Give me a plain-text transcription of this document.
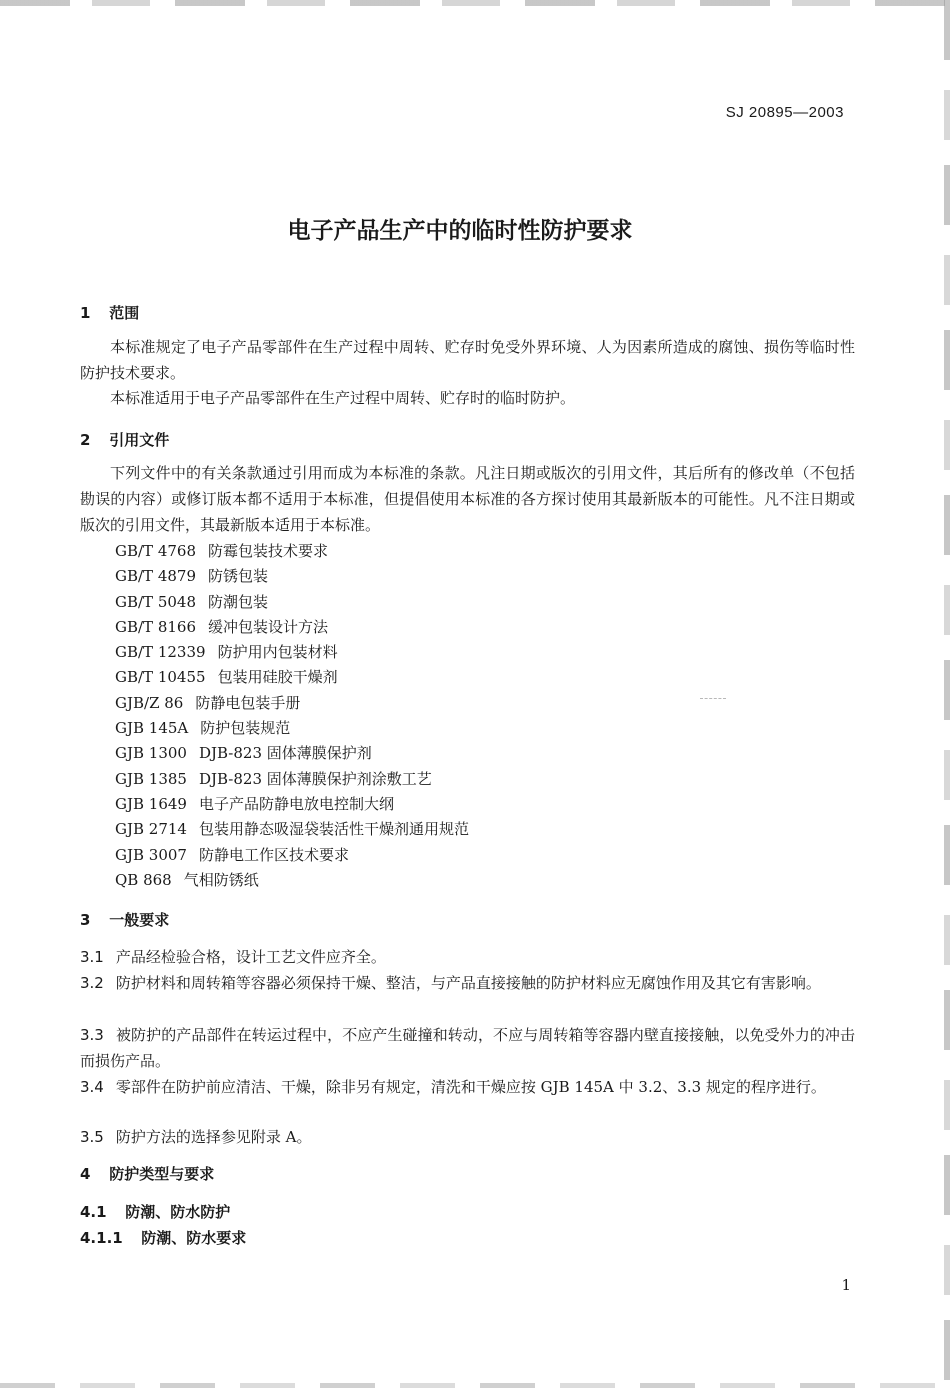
SJ 20895—2003
电子产品生产中的临时性防护要求
1 范围

本标准规定了电子产品零部件在生产过程中周转、贮存时免受外界环境、人为因素所造成的腐蚀、损伤等临时性防护技术要求。

本标准适用于电子产品零部件在生产过程中周转、贮存时的临时防护。

2 引用文件

下列文件中的有关条款通过引用而成为本标准的条款。凡注日期或版次的引用文件，其后所有的修改单（不包括勘误的内容）或修订版本都不适用于本标准，但提倡使用本标准的各方探讨使用其最新版本的可能性。凡不注日期或版次的引用文件，其最新版本适用于本标准。

GB/T 4768 防霉包装技术要求
GB/T 4879 防锈包装
GB/T 5048 防潮包装
GB/T 8166 缓冲包装设计方法
GB/T 12339 防护用内包装材料
GB/T 10455 包装用硅胶干燥剂
GJB/Z 86 防静电包装手册
GJB 145A 防护包装规范
GJB 1300 DJB-823 固体薄膜保护剂
GJB 1385 DJB-823 固体薄膜保护剂涂敷工艺
GJB 1649 电子产品防静电放电控制大纲
GJB 2714 包装用静态吸湿袋装活性干燥剂通用规范
GJB 3007 防静电工作区技术要求
QB 868 气相防锈纸
3 一般要求

3.1 产品经检验合格，设计工艺文件应齐全。

3.2 防护材料和周转箱等容器必须保持干燥、整洁，与产品直接接触的防护材料应无腐蚀作用及其它有害影响。

3.3 被防护的产品部件在转运过程中，不应产生碰撞和转动，不应与周转箱等容器内壁直接接触，以免受外力的冲击而损伤产品。

3.4 零部件在防护前应清洁、干燥，除非另有规定，清洗和干燥应按 GJB 145A 中 3.2、3.3 规定的程序进行。

3.5 防护方法的选择参见附录 A。

4 防护类型与要求
4.1 防潮、防水防护
4.1.1 防潮、防水要求
1
